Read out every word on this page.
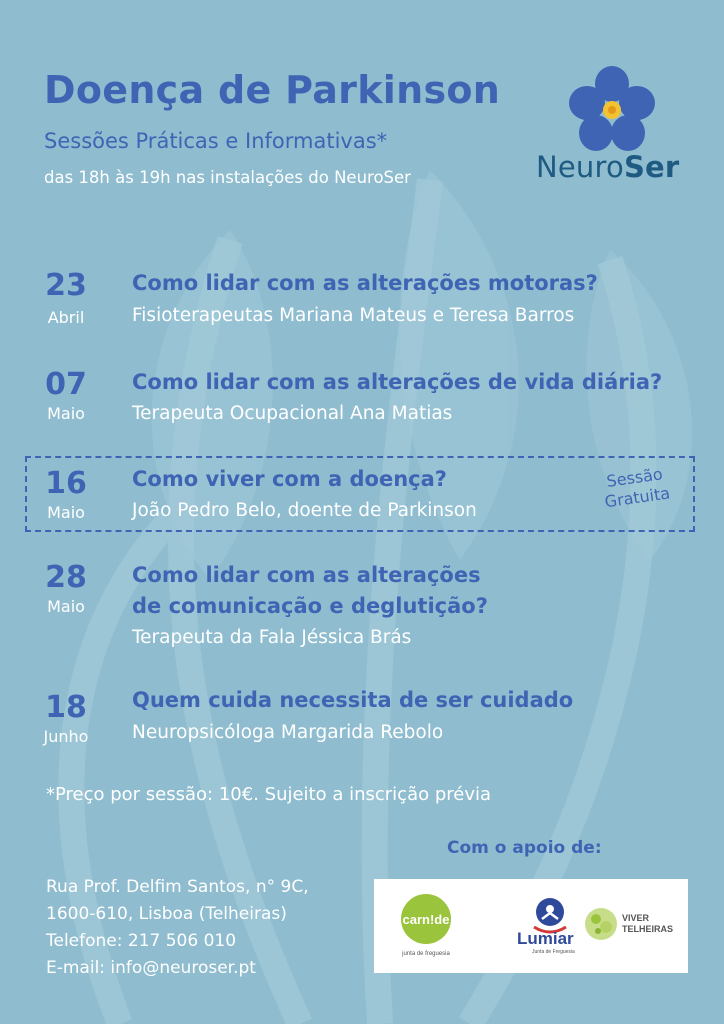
Doença de Parkinson
Sessões Práticas e Informativas*
das 18h às 19h nas instalações do NeuroSer	NeuroSer
23
Abril
Como lidar com as alterações motoras?
Fisioterapeutas Mariana Mateus e Teresa Barros
07
Maio
Como lidar com as alterações de vida diária?
Terapeuta Ocupacional Ana Matias
16
Maio
Como viver com a doença?
João Pedro Belo, doente de Parkinson
Sessão
Gratuita
28
Maio
Como lidar com as alterações
de comunicação e deglutição?
Terapeuta da Fala Jéssica Brás
18
Junho
Quem cuida necessita de ser cuidado
Neuropsicóloga Margarida Rebolo
*Preço por sessão: 10€. Sujeito a inscrição prévia
Com o apoio de:
Rua Prof. Delfim Santos, n° 9C,
1600-610, Lisboa (Telheiras)
Telefone: 217 506 010
E-mail: info@neuroser.pt
carn!de
junta de freguesia
Lumiar
Junta de Freguesia
VIVER
TELHEIRAS
